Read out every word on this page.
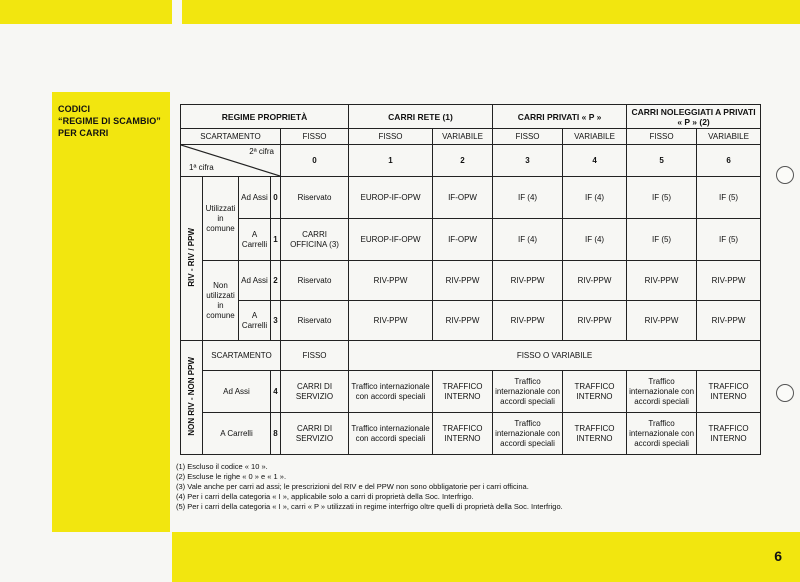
CODICI
“REGIME DI SCAMBIO”
PER CARRI
REGIME PROPRIETÀ					CARRI RETE (1)		CARRI PRIVATI « P »		CARRI NOLEGGIATI A PRIVATI « P » (2)	
SCARTAMENTO				FISSO	FISSO	VARIABILE	FISSO	VARIABILE	FISSO	VARIABILE

2ª cifra
1ª cifra				0	1	2	3	4	5	6
RIV - RIV / PPW	Utilizzati in comune	Ad Assi	0	Riservato	EUROP-IF-OPW	IF-OPW	IF (4)	IF (4)	IF (5)	IF (5)
		A Carrelli	1	CARRI OFFICINA (3)	EUROP-IF-OPW	IF-OPW	IF (4)	IF (4)	IF (5)	IF (5)
	Non utilizzati in comune	Ad Assi	2	Riservato	RIV-PPW	RIV-PPW	RIV-PPW	RIV-PPW	RIV-PPW	RIV-PPW
		A Carrelli	3	Riservato	RIV-PPW	RIV-PPW	RIV-PPW	RIV-PPW	RIV-PPW	RIV-PPW
NON RIV - NON PPW	SCARTAMENTO			FISSO	FISSO O VARIABILE					
	Ad Assi		4	CARRI DI SERVIZIO	Traffico internazionale con accordi speciali	TRAFFICO INTERNO	Traffico internazionale con accordi speciali	TRAFFICO INTERNO	Traffico internazionale con accordi speciali	TRAFFICO INTERNO
	A Carrelli		8	CARRI DI SERVIZIO	Traffico internazionale con accordi speciali	TRAFFICO INTERNO	Traffico internazionale con accordi speciali	TRAFFICO INTERNO	Traffico internazionale con accordi speciali	TRAFFICO INTERNO
(1) Escluso il codice « 10 ».
(2) Escluse le righe « 0 » e « 1 ».
(3) Vale anche per carri ad assi; le prescrizioni del RIV e del PPW non sono obbligatorie per i carri officina.
(4) Per i carri della categoria « I », applicabile solo a carri di proprietà della Soc. Interfrigo.
(5) Per i carri della categoria « I », carri « P » utilizzati in regime interfrigo oltre quelli di proprietà della Soc. Interfrigo.
6
